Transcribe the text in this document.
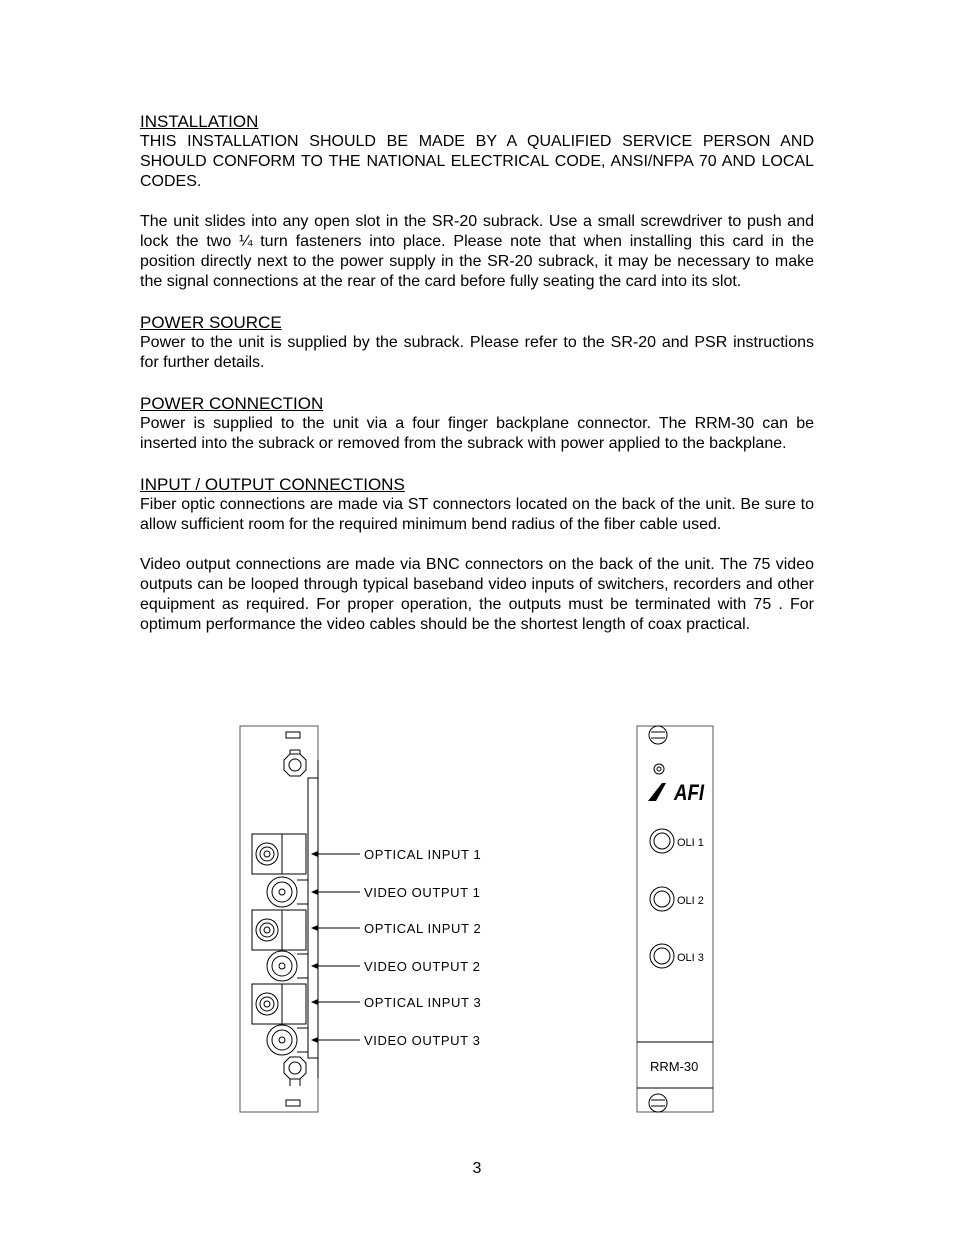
INSTALLATION

THIS INSTALLATION SHOULD BE MADE BY A QUALIFIED SERVICE PERSON AND SHOULD CONFORM TO THE NATIONAL ELECTRICAL CODE, ANSI/NFPA 70 AND LOCAL CODES.

The unit slides into any open slot in the SR-20 subrack. Use a small screwdriver to push and lock the two ¼ turn fasteners into place. Please note that when installing this card in the position directly next to the power supply in the SR-20 subrack, it may be necessary to make the signal connections at the rear of the card before fully seating the card into its slot.

POWER SOURCE

Power to the unit is supplied by the subrack. Please refer to the SR-20 and PSR instructions for further details.

POWER CONNECTION

Power is supplied to the unit via a four finger backplane connector. The RRM-30 can be inserted into the subrack or removed from the subrack with power applied to the backplane.

INPUT / OUTPUT CONNECTIONS

Fiber optic connections are made via ST connectors located on the back of the unit. Be sure to allow sufficient room for the required minimum bend radius of the fiber cable used.

Video output connections are made via BNC connectors on the back of the unit. The 75 video outputs can be looped through typical baseband video inputs of switchers, recorders and other equipment as required. For proper operation, the outputs must be terminated with 75 . For optimum performance the video cables should be the shortest length of coax practical.

OPTICAL INPUT 1
VIDEO OUTPUT 1
OPTICAL INPUT 2
VIDEO OUTPUT 2
OPTICAL INPUT 3
VIDEO OUTPUT 3
AFI
OLI 1
OLI 2
OLI 3
RRM-30
3
